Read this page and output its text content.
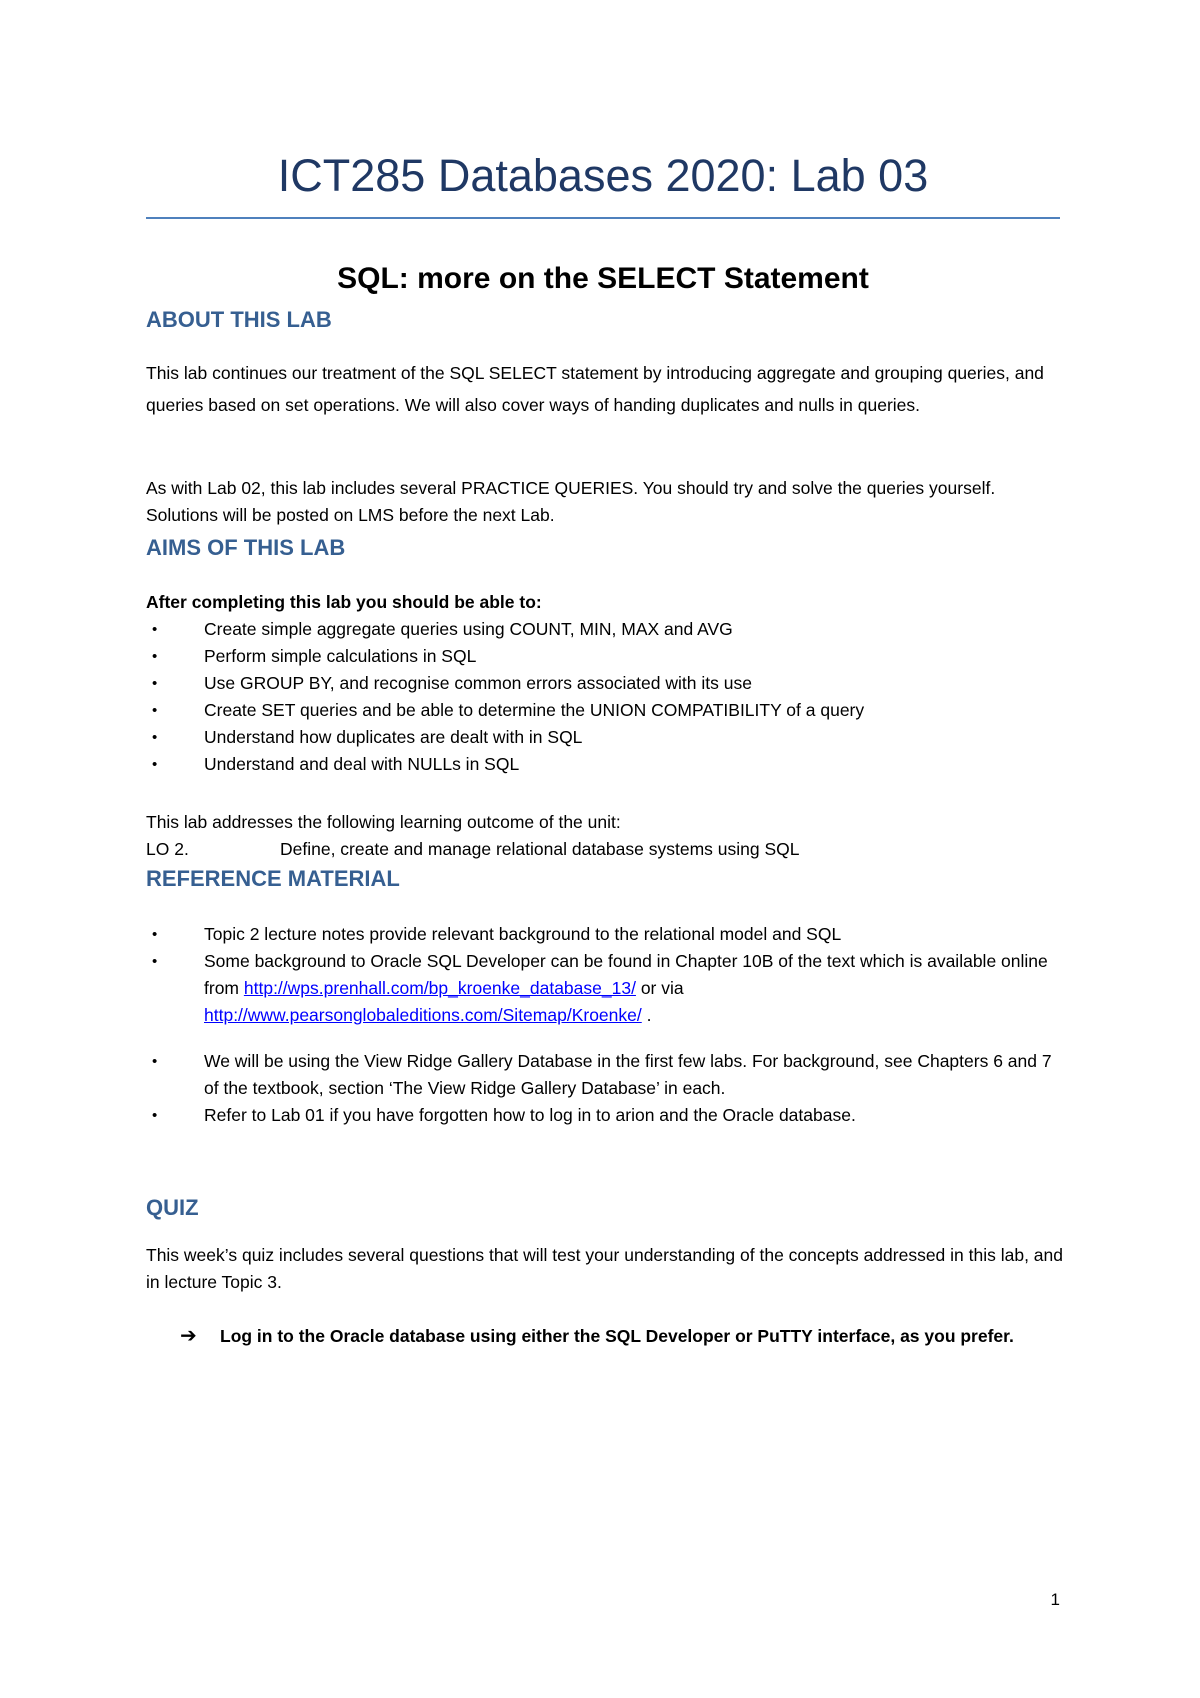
ICT285 Databases 2020: Lab 03
SQL: more on the SELECT Statement
ABOUT THIS LAB
This lab continues our treatment of the SQL SELECT statement by introducing aggregate and grouping queries, and queries based on set operations. We will also cover ways of handing duplicates and nulls in queries.
As with Lab 02, this lab includes several PRACTICE QUERIES. You should try and solve the queries yourself. Solutions will be posted on LMS before the next Lab.
AIMS OF THIS LAB
After completing this lab you should be able to:
•	Create simple aggregate queries using COUNT, MIN, MAX and AVG
•	Perform simple calculations in SQL
•	Use GROUP BY, and recognise common errors associated with its use
•	Create SET queries and be able to determine the UNION COMPATIBILITY of a query
•	Understand how duplicates are dealt with in SQL
•	Understand and deal with NULLs in SQL
This lab addresses the following learning outcome of the unit:
LO 2.	Define, create and manage relational database systems using SQL
REFERENCE MATERIAL
•	Topic 2 lecture notes provide relevant background to the relational model and SQL
•	Some background to Oracle SQL Developer can be found in Chapter 10B of the text which is available online from http://wps.prenhall.com/bp_kroenke_database_13/ or via http://www.pearsonglobaleditions.com/Sitemap/Kroenke/ .
•	We will be using the View Ridge Gallery Database in the first few labs. For background, see Chapters 6 and 7 of the textbook, section ‘The View Ridge Gallery Database’ in each.
•	Refer to Lab 01 if you have forgotten how to log in to arion and the Oracle database.
QUIZ
This week’s quiz includes several questions that will test your understanding of the concepts addressed in this lab, and in lecture Topic 3.
➔ Log in to the Oracle database using either the SQL Developer or PuTTY interface, as you prefer.
1
